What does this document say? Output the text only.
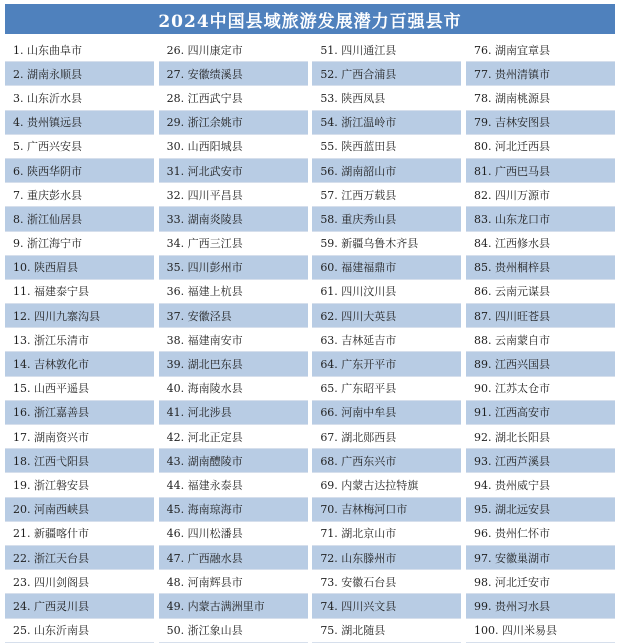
2024中国县域旅游发展潜力百强县市
1. 山东曲阜市
2. 湖南永顺县
3. 山东沂水县
4. 贵州镇远县
5. 广西兴安县
6. 陕西华阴市
7. 重庆彭水县
8. 浙江仙居县
9. 浙江海宁市
10. 陕西眉县
11. 福建泰宁县
12. 四川九寨沟县
13. 浙江乐清市
14. 吉林敦化市
15. 山西平遥县
16. 浙江嘉善县
17. 湖南资兴市
18. 江西弋阳县
19. 浙江磐安县
20. 河南西峡县
21. 新疆喀什市
22. 浙江天台县
23. 四川剑阁县
24. 广西灵川县
25. 山东沂南县
26. 四川康定市
27. 安徽绩溪县
28. 江西武宁县
29. 浙江余姚市
30. 山西阳城县
31. 河北武安市
32. 四川平昌县
33. 湖南炎陵县
34. 广西三江县
35. 四川彭州市
36. 福建上杭县
37. 安徽泾县
38. 福建南安市
39. 湖北巴东县
40. 海南陵水县
41. 河北涉县
42. 河北正定县
43. 湖南醴陵市
44. 福建永泰县
45. 海南琼海市
46. 四川松潘县
47. 广西融水县
48. 河南辉县市
49. 内蒙古满洲里市
50. 浙江象山县
51. 四川通江县
52. 广西合浦县
53. 陕西凤县
54. 浙江温岭市
55. 陕西蓝田县
56. 湖南韶山市
57. 江西万载县
58. 重庆秀山县
59. 新疆乌鲁木齐县
60. 福建福鼎市
61. 四川汶川县
62. 四川大英县
63. 吉林延吉市
64. 广东开平市
65. 广东昭平县
66. 河南中牟县
67. 湖北郧西县
68. 广西东兴市
69. 内蒙古达拉特旗
70. 吉林梅河口市
71. 湖北京山市
72. 山东滕州市
73. 安徽石台县
74. 四川兴文县
75. 湖北随县
76. 湖南宜章县
77. 贵州清镇市
78. 湖南桃源县
79. 吉林安图县
80. 河北迁西县
81. 广西巴马县
82. 四川万源市
83. 山东龙口市
84. 江西修水县
85. 贵州桐梓县
86. 云南元谋县
87. 四川旺苍县
88. 云南蒙自市
89. 江西兴国县
90. 江苏太仓市
91. 江西高安市
92. 湖北长阳县
93. 江西芦溪县
94. 贵州威宁县
95. 湖北远安县
96. 贵州仁怀市
97. 安徽巢湖市
98. 河北迁安市
99. 贵州习水县
100. 四川米易县
